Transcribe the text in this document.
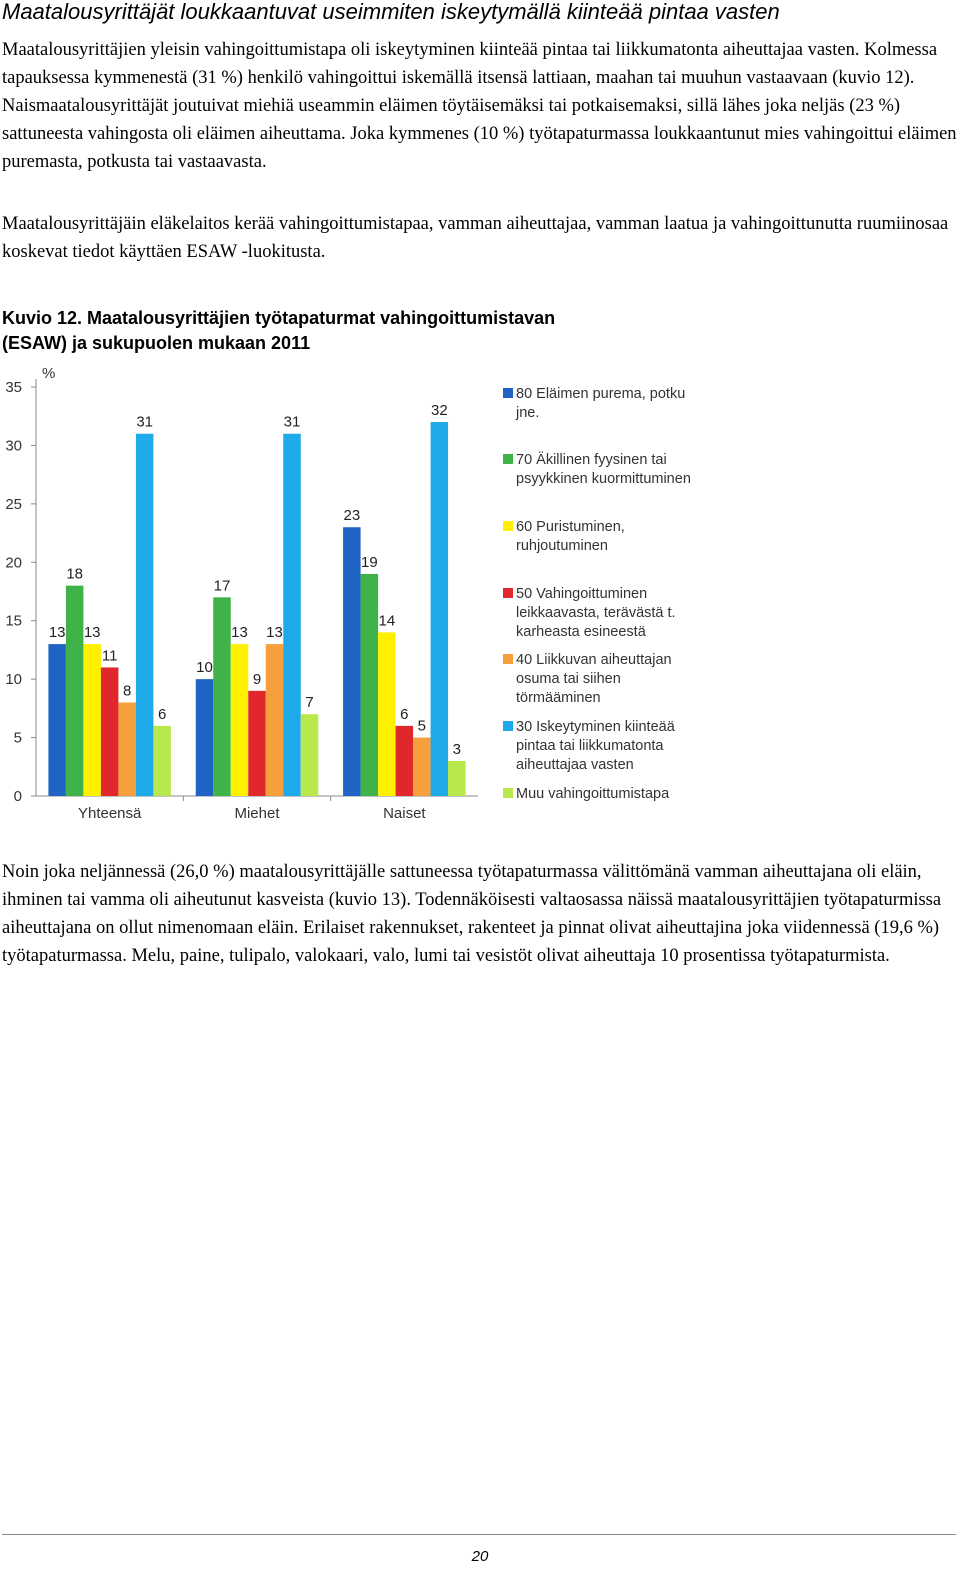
Maatalousyrittäjät loukkaantuvat useimmiten iskeytymällä kiinteää pintaa vasten

Maatalousyrittäjien yleisin vahingoittumistapa oli iskeytyminen kiinteää pintaa tai liikkumatonta aiheuttajaa vasten. Kolmessa tapauksessa kymmenestä (31 %) henkilö vahingoittui iskemällä itsensä lattiaan, maahan tai muuhun vastaavaan (kuvio 12). Naismaatalousyrittäjät joutuivat miehiä useammin eläimen töytäisemäksi tai potkaisemaksi, sillä lähes joka neljäs (23 %) sattuneesta vahingosta oli eläimen aiheuttama. Joka kymmenes (10 %) työtapaturmassa loukkaantunut mies vahingoittui eläimen puremasta, potkusta tai vastaavasta.

Maatalousyrittäjäin eläkelaitos kerää vahingoittumistapaa, vamman aiheuttajaa, vamman laatua ja vahingoittunutta ruumiinosaa koskevat tiedot käyttäen ESAW -luokitusta.

Kuvio 12. Maatalousyrittäjien työtapaturmat vahingoittumistavan
(ESAW) ja sukupuolen mukaan 2011
0
5
10
15
20
25
30
35
%
13
18
13
11
8
31
6
Yhteensä
10
17
13
9
13
31
7
Miehet
23
19
14
6
5
32
3
Naiset
80 Eläimen purema, potku
jne.
70 Äkillinen fyysinen tai
psyykkinen kuormittuminen
60 Puristuminen,
ruhjoutuminen
50 Vahingoittuminen
leikkaavasta, terävästä t.
karheasta esineestä
40 Liikkuvan aiheuttajan
osuma tai siihen
törmääminen
30 Iskeytyminen kiinteää
pintaa tai liikkumatonta
aiheuttajaa vasten
Muu vahingoittumistapa

Noin joka neljännessä (26,0 %) maatalousyrittäjälle sattuneessa työtapaturmassa välittömänä vamman aiheuttajana oli eläin, ihminen tai vamma oli aiheutunut kasveista (kuvio 13). Todennäköisesti valtaosassa näissä maatalousyrittäjien työtapaturmissa aiheuttajana on ollut nimenomaan eläin. Erilaiset rakennukset, rakenteet ja pinnat olivat aiheuttajina joka viidennessä (19,6 %) työtapaturmassa. Melu, paine, tulipalo, valokaari, valo, lumi tai vesistöt olivat aiheuttaja 10 prosentissa työtapaturmista.

20
